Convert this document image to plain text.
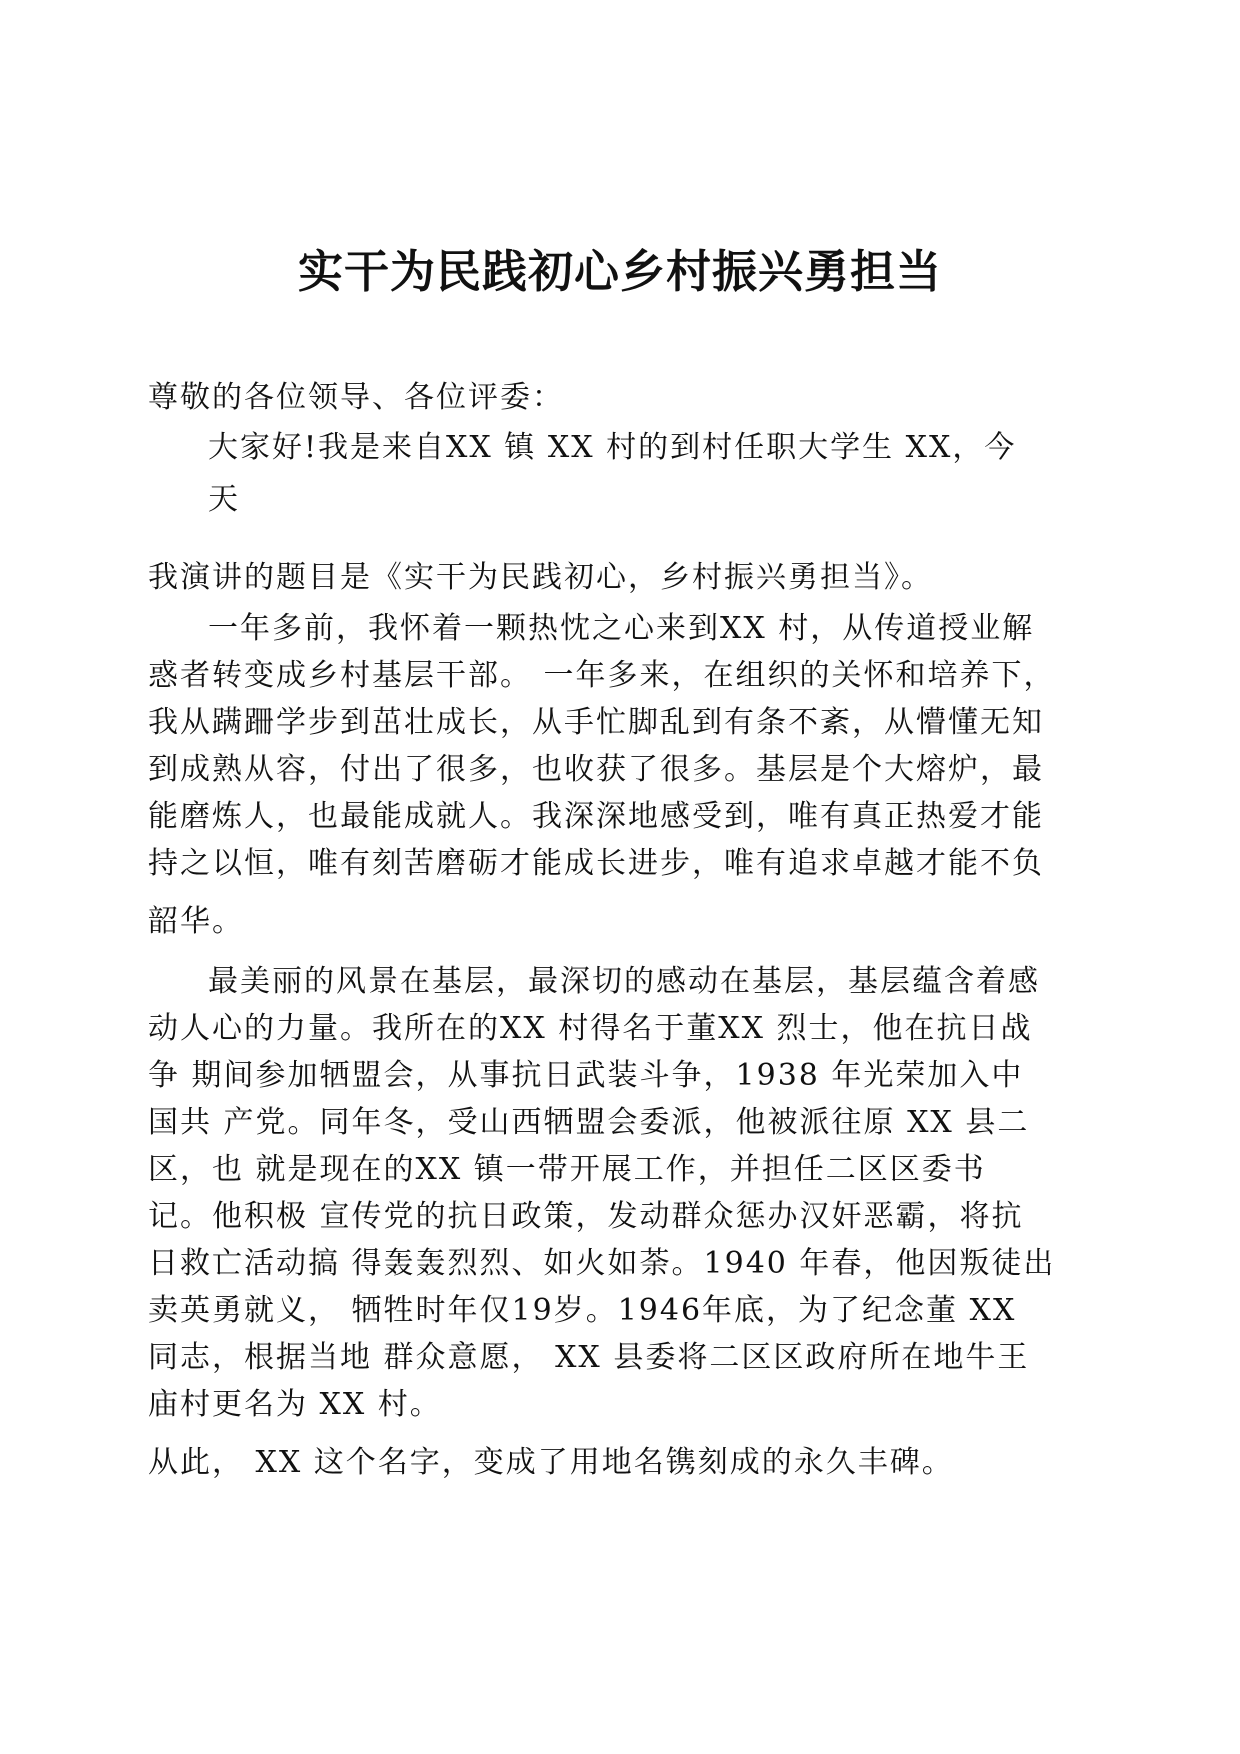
实干为民践初心乡村振兴勇担当
尊敬的各位领导、各位评委：
大家好!我是来自XX 镇 XX 村的到村任职大学生 XX，今
天
我演讲的题目是《实干为民践初心，乡村振兴勇担当》。
一年多前，我怀着一颗热忱之心来到XX 村，从传道授业解
惑者转变成乡村基层干部。 一年多来，在组织的关怀和培养下，
我从蹒跚学步到茁壮成长，从手忙脚乱到有条不紊，从懵懂无知
到成熟从容，付出了很多，也收获了很多。基层是个大熔炉，最
能磨炼人，也最能成就人。我深深地感受到，唯有真正热爱才能
持之以恒，唯有刻苦磨砺才能成长进步，唯有追求卓越才能不负
韶华。
最美丽的风景在基层，最深切的感动在基层，基层蕴含着感
动人心的力量。我所在的XX 村得名于董XX 烈士，他在抗日战
争 期间参加牺盟会，从事抗日武装斗争，1938 年光荣加入中
国共 产党。同年冬，受山西牺盟会委派，他被派往原 XX 县二
区，也 就是现在的XX 镇一带开展工作，并担任二区区委书
记。他积极 宣传党的抗日政策，发动群众惩办汉奸恶霸，将抗
日救亡活动搞 得轰轰烈烈、如火如荼。1940 年春，他因叛徒出
卖英勇就义， 牺牲时年仅19岁。1946年底，为了纪念董 XX
同志，根据当地 群众意愿， XX 县委将二区区政府所在地牛王
庙村更名为 XX 村。
从此， XX 这个名字，变成了用地名镌刻成的永久丰碑。
